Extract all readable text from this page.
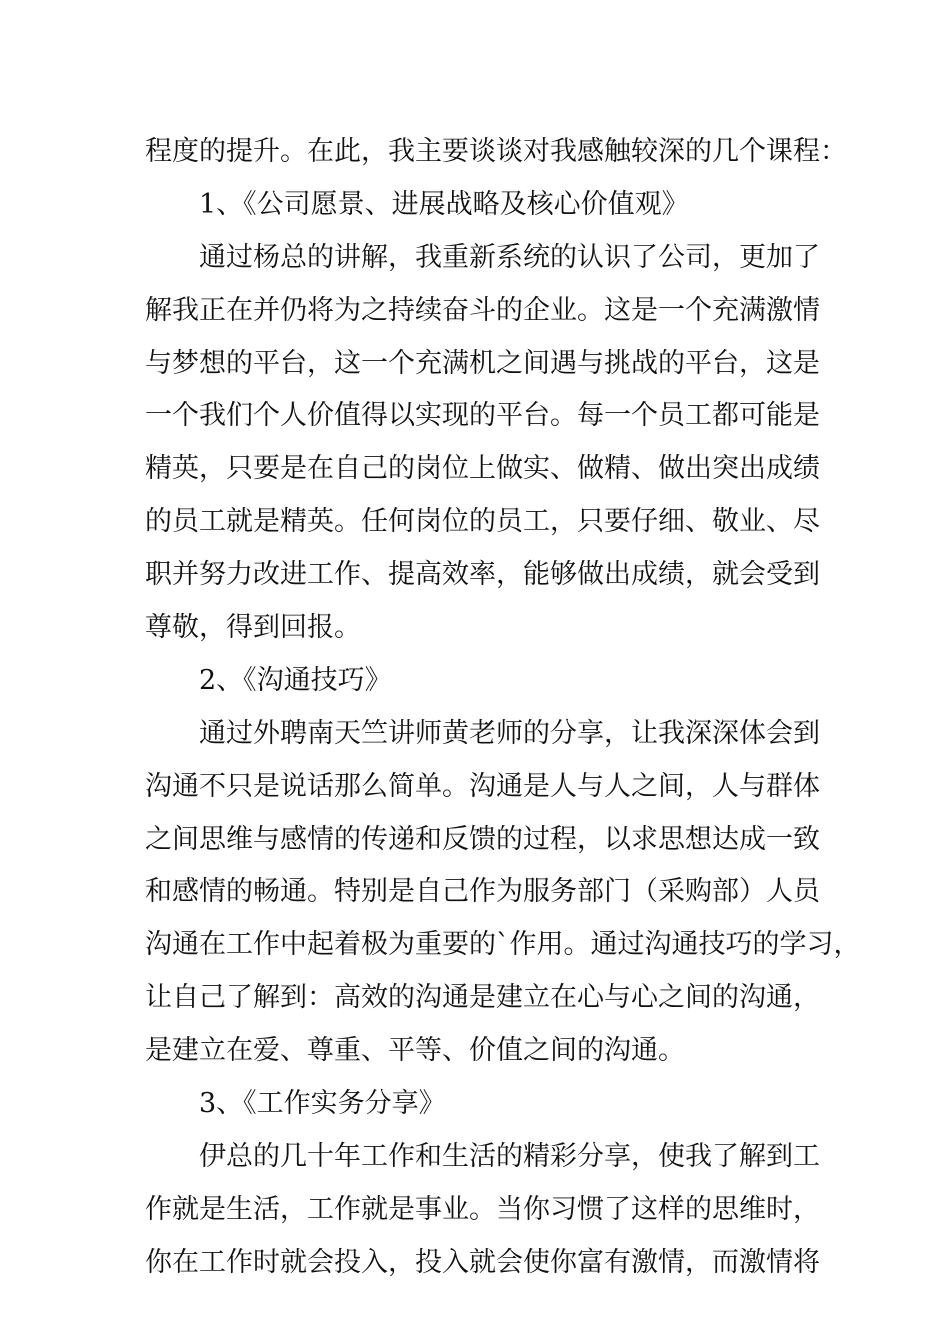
程度的提升。在此，我主要谈谈对我感触较深的几个课程：
1、《公司愿景、进展战略及核心价值观》
通过杨总的讲解，我重新系统的认识了公司，更加了
解我正在并仍将为之持续奋斗的企业。这是一个充满激情
与梦想的平台，这一个充满机之间遇与挑战的平台，这是
一个我们个人价值得以实现的平台。每一个员工都可能是
精英，只要是在自己的岗位上做实、做精、做出突出成绩
的员工就是精英。任何岗位的员工，只要仔细、敬业、尽
职并努力改进工作、提高效率，能够做出成绩，就会受到
尊敬，得到回报。
2、《沟通技巧》
通过外聘南天竺讲师黄老师的分享，让我深深体会到
沟通不只是说话那么简单。沟通是人与人之间，人与群体
之间思维与感情的传递和反馈的过程，以求思想达成一致
和感情的畅通。特别是自己作为服务部门（采购部）人员
沟通在工作中起着极为重要的`作用。通过沟通技巧的学习，
让自己了解到：高效的沟通是建立在心与心之间的沟通，
是建立在爱、尊重、平等、价值之间的沟通。
3、《工作实务分享》
伊总的几十年工作和生活的精彩分享，使我了解到工
作就是生活，工作就是事业。当你习惯了这样的思维时，
你在工作时就会投入，投入就会使你富有激情，而激情将
